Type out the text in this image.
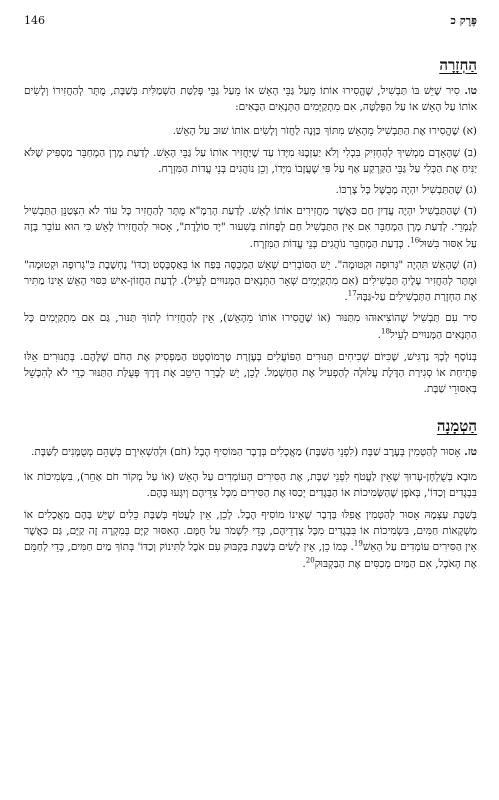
פֶּרֶק כ
146
הַחְזָרָה

טו. סִיר שֶׁיֵּשׁ בּוֹ תַּבְשִׁיל, שֶׁהֱסִירוּ אוֹתוֹ מֵעַל גַּבֵּי הָאֵשׁ אוֹ מֵעַל גַּבֵּי פְּלַטַּת הַשְׁמַלִּית בְּשַׁבָּת, מֻתָּר לְהַחֲזִירוֹ וְלָשִׂים אוֹתוֹ עַל הָאֵשׁ אוֹ עַל הַפְּלַטָּה, אִם מִתְקַיְּמִים הַתְּנָאִים הַבָּאִים:

(א) שֶׁהֱסִירוּ אֶת הַתַּבְשִׁיל מֵהָאֵשׁ מִתּוֹךְ כַּוָּנָה לַחֲזֹר וְלָשִׂים אוֹתוֹ שׁוּב עַל הָאֵשׁ.

(ב) שֶׁהָאָדָם מַמְשִׁיךְ לְהַחְזִיק בִּכְלִי וְלֹא יַעַזְבֶנּוּ מִיָּדוֹ עַד שֶׁיַּחֲזִיר אוֹתוֹ עַל גַּבֵּי הָאֵשׁ. לְדַעַת מָרָן הַמְחַבֵּר מַסְפִּיק שֶׁלֹּא יַנִּיחַ אֶת הַכְּלִי עַל גַּבֵּי הַקַּרְקַע אַף עַל פִּי שֶׁעֲזָבוֹ מִיָּדוֹ, וְכֵן נוֹהֲגִים בְּנֵי עֲדוֹת הַמִּזְרָח.

(ג) שֶׁהַתַּבְשִׁיל יִהְיֶה מְבֻשָּׁל כָּל צָרְכּוֹ.

(ד) שֶׁהַתַּבְשִׁיל יִהְיֶה עֲדַיִן חַם כַּאֲשֶׁר מַחֲזִירִים אוֹתוֹ לָאֵשׁ. לְדַעַת הָרַמָ"א מֻתָּר לְהַחֲזִיר כָּל עוֹד לֹא הִצְטַנֵּן הַתַּבְשִׁיל לְגַמְרֵי. לְדַעַת מָרָן הַמְחַבֵּר אִם אֵין הַתַּבְשִׁיל חַם לְפָחוֹת בְּשִׁעוּר "יָד סוֹלֶדֶת", אָסוּר לְהַחֲזִירוֹ לָאֵשׁ כִּי הוּא עוֹבֵר בָּזֶה עַל אִסּוּר בִּשּׁוּל$^{16}$. כְּדַעַת הַמְחַבֵּר נוֹהֲגִים בְּנֵי עֲדוֹת הַמִּזְרָח.

(ה) שֶׁהָאֵשׁ תִּהְיֶה "גְּרוּפָה וּקְטוּמָה". יֵשׁ הַסּוֹבְרִים שֶׁאֵשׁ הַמְכֻסָּה בְּפַח אוֹ בְּאַסְבֶּסְט וְכַדּוֹ' נֶחְשֶׁבֶת כִּ"גְרוּפָה וּקְטוּמָה" וּמֻתָּר לְהַחֲזִיר עָלֶיהָ תַּבְשִׁילִים (אִם מִתְקַיְּמִים שְׁאָר הַתְּנָאִים הַמְּנוּיִים לְעֵיל). לְדַעַת הַחֲזוֹן-אִישׁ כִּסּוּי הָאֵשׁ אֵינוֹ מַתִּיר אֶת הַחְזָרַת הַתַּבְשִׁילִים עַל-גַּבָּהּ$^{17}$.

סִיר עִם תַּבְשִׁיל שֶׁהוֹצִיאוּהוּ מִתַּנּוּר (אוֹ שֶׁהֱסִירוּ אוֹתוֹ מֵהָאֵשׁ), אֵין לְהַחֲזִירוֹ לְתוֹךְ תַּנּוּר, גַּם אִם מִתְקַיְּמִים כָּל הַתְּנָאִים הַמְּנוּיִים לְעֵיל$^{18}$.

בְּנוֹסָף לְכָךְ נַדְגִּישׁ, שֶׁכִּיּוֹם שְׁכִיחִים תַּנּוּרִים הַפּוֹעֲלִים בְּעֶזְרַת טֶרְמוֹסְטָט הַמַּפְסִיק אֶת הַחֹם שֶׁלָּהֶם. בְּתַנּוּרִים אֵלּוּ פְּתִיחַת אוֹ סְגִירַת הַדֶּלֶת עֲלוּלָה לְהַפְעִיל אֶת הַחַשְׁמַל. לָכֵן, יֵשׁ לְבָרֵר הֵיטֵב אֶת דֶּרֶךְ פְּעֻלַּת הַתַּנּוּר כְּדֵי לֹא לְהִכָּשֵׁל בְּאִסּוּרֵי שַׁבָּת.

הַטְמָנָה

טז. אָסוּר לְהַטְמִין בְּעֶרֶב שַׁבָּת (לִפְנֵי הַשַּׁבָּת) מַאֲכָלִים בְּדָבָר הַמּוֹסִיף הֶבֶל (חֹם) וּלְהַשְׁאִירָם כְּשֶׁהֵם מְטֻמָּנִים לַשַּׁבָּת.

מוּבָא בְּשֻׁלְחָן-עָרוּךְ שֶׁאֵין לַעֲטֹף לִפְנֵי שַׁבָּת, אֶת הַסִּירִים הָעוֹמְדִים עַל הָאֵשׁ (אוֹ עַל מְקוֹר חֹם אַחֵר), בִּשְׂמִיכוֹת אוֹ בִּבְגָדִים וְכַדּוֹ', בְּאֹפֶן שֶׁהַשְּׂמִיכוֹת אוֹ הַבְּגָדִים יְכַסּוּ אֶת הַסִּירִים מִכָּל צִדֵּיהֶם וְיִגְּעוּ בָּהֶם.

בְּשַׁבָּת עַצְמָהּ אָסוּר לְהַטְמִין אֲפִלּוּ בְּדָבָר שֶׁאֵינוֹ מוֹסִיף הֶבֶל. לָכֵן, אֵין לַעֲטֹף בְּשַׁבָּת כֵּלִים שֶׁיֵּשׁ בָּהֶם מַאֲכָלִים אוֹ מַשְׁקָאוֹת חַמִּים, בִּשְׂמִיכוֹת אוֹ בִּבְגָדִים מִכָּל צְדָדֵיהֶם, כְּדֵי לִשְׁמֹר עַל חֻמָּם. הָאִסּוּר קַיָּם בְּמִקְרֶה זֶה קַיָּם, גַּם כַּאֲשֶׁר אֵין הַסִּירִים עוֹמְדִים עַל הָאֵשׁ$^{19}$. כְּמוֹ כֵן, אֵין לָשִׂים בְּשַׁבָּת בַּקְבּוּק עִם אֹכֶל לַתִּינוֹק וְכַדּוֹ' בְּתוֹךְ מַיִם חַמִּים, כְּדֵי לְחַמֵּם אֶת הָאֹכֶל, אִם הַמַּיִם מְכַסִּים אֶת הַבַּקְבּוּק$^{20}$.
